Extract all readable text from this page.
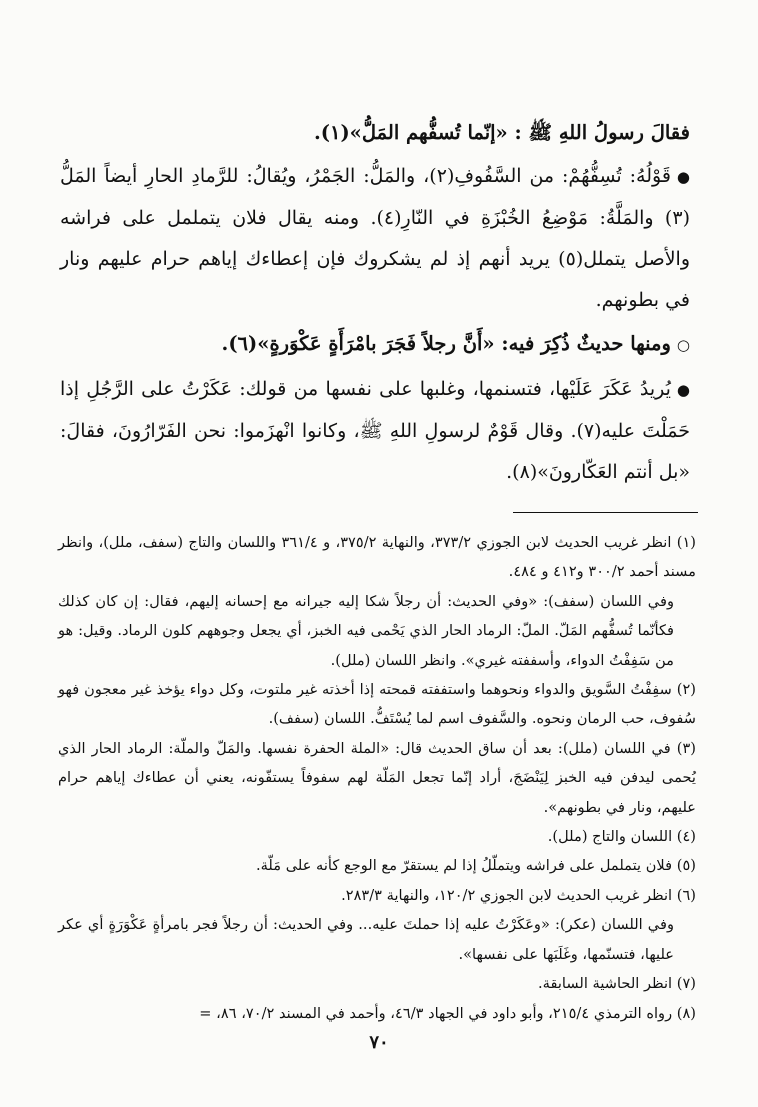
فقالَ رسولُ اللهِ ﷺ : «إنّما تُسفُّهم المَلُّ»(١).

●قَوْلُهُ: تُسِفُّهُمْ: من السَّفُوفِ(٢)، والمَلُّ: الجَمْرُ، ويُقالُ: للرَّمادِ الحارِ أيضاً المَلُّ (٣) والمَلَّةُ: مَوْضِعُ الخُبْزَةِ في النّارِ(٤). ومنه يقال فلان يتململ على فراشه والأصل يتملل(٥) يريد أنهم إذ لم يشكروك فإن إعطاءك إياهم حرام عليهم ونار في بطونهم.

○ومنها حديثٌ ذُكِرَ فيه: «أَنَّ رجلاً فَجَرَ بامْرَأَةٍ عَكْوَرةٍ»(٦).

●يُريدُ عَكَرَ عَلَيْها، فتسنمها، وغلبها على نفسها من قولك: عَكَرْتُ على الرَّجُلِ إذا حَمَلْتَ عليه(٧). وقال قَوْمٌ لرسولِ اللهِ ﷺ، وكانوا انْهزَموا: نحن الفَرّارُونَ، فقالَ: «بل أنتم العَكّارونَ»(٨).

(١) انظر غريب الحديث لابن الجوزي ٣٧٣/٢، والنهاية ٣٧٥/٢، و ٣٦١/٤ واللسان والتاج (سفف، ملل)، وانظر مسند أحمد ٣٠٠/٢ و٤١٢ و ٤٨٤.

وفي اللسان (سفف): «وفي الحديث: أن رجلاً شكا إليه جيرانه مع إحسانه إليهم، فقال: إن كان كذلك فكأنّما تُسفُّهم المَلّ. الملّ: الرماد الحار الذي يَحْمى فيه الخبز، أي يجعل وجوههم كلون الرماد. وقيل: هو من سَفِفْتُ الدواء، وأسففته غيري». وانظر اللسان (ملل).

(٢) سفِفْتُ السَّويق والدواء ونحوهما واستففته قمحته إذا أخذته غير ملتوت، وكل دواء يؤخذ غير معجون فهو سُفوف، حب الرمان ونحوه. والسَّفوف اسم لما يُسْتَفُّ. اللسان (سفف).

(٣) في اللسان (ملل): بعد أن ساق الحديث قال: «الملة الحفرة نفسها. والمَلّ والملّة: الرماد الحار الذي يُحمى ليدفن فيه الخبز لِيَنْضَجَ، أراد إنّما تجعل المَلّة لهم سفوفاً يستفّونه، يعني أن عطاءك إياهم حرام عليهم، ونار في بطونهم».

(٤) اللسان والتاج (ملل).

(٥) فلان يتململ على فراشه ويتملّلُ إذا لم يستقرّ مع الوجع كأنه على مَلّة.

(٦) انظر غريب الحديث لابن الجوزي ١٢٠/٢، والنهاية ٢٨٣/٣.

وفي اللسان (عكر): «وعَكَرْتُ عليه إذا حملتَ عليه... وفي الحديث: أن رجلاً فجر بامرأةٍ عَكْوَرَةٍ أي عكر عليها، فتسنّمها، وغَلَبَها على نفسها».

(٧) انظر الحاشية السابقة.

(٨) رواه الترمذي ٢١٥/٤، وأبو داود في الجهاد ٤٦/٣، وأحمد في المسند ٧٠/٢، ٨٦، =

٧٠
